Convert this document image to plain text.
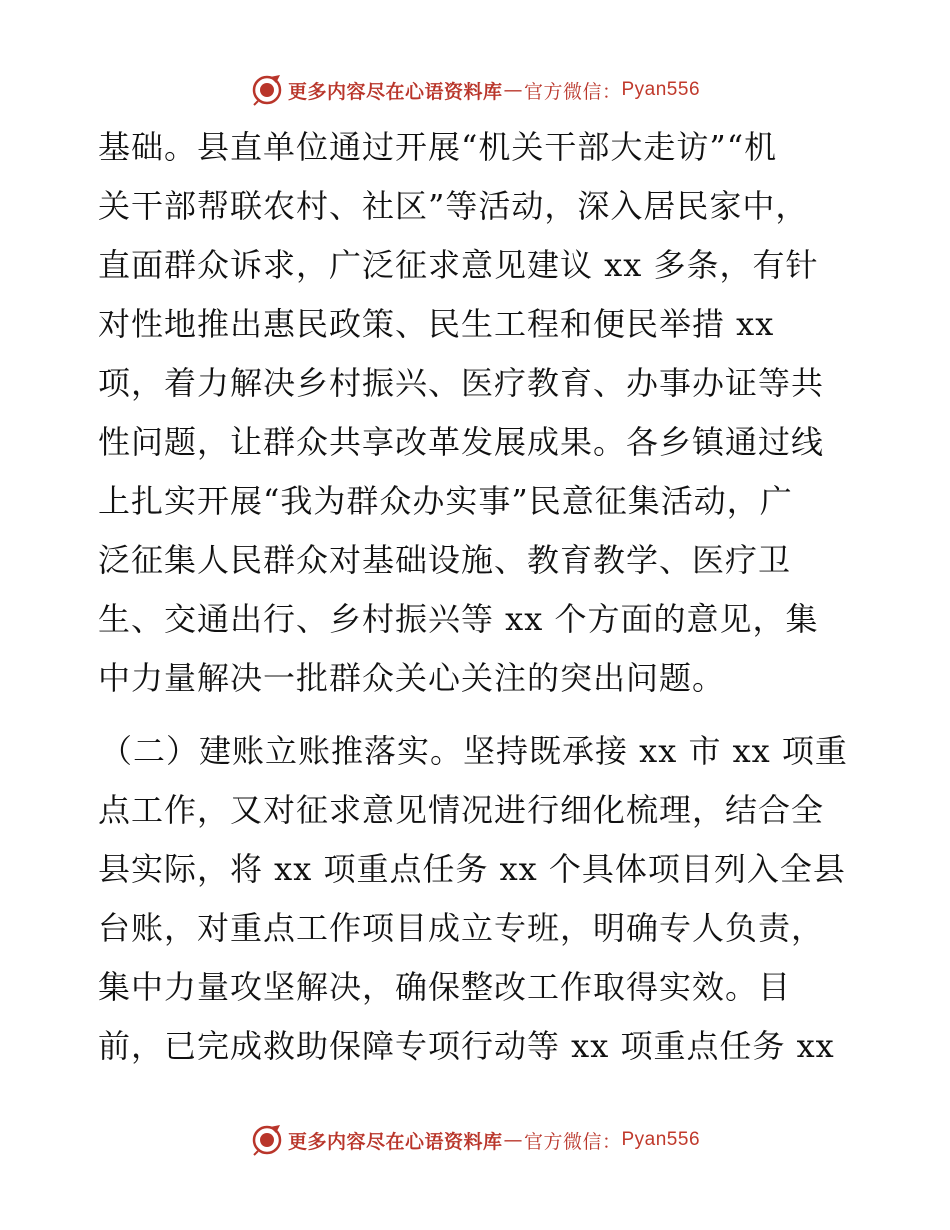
更多内容尽在心语资料库 — 官方微信： Pyan556

基础。县直单位通过开展“机关干部大走访”“机
关干部帮联农村、社区”等活动，深入居民家中，
直面群众诉求，广泛征求意见建议 xx 多条，有针
对性地推出惠民政策、民生工程和便民举措 xx
项，着力解决乡村振兴、医疗教育、办事办证等共
性问题，让群众共享改革发展成果。各乡镇通过线
上扎实开展“我为群众办实事”民意征集活动，广
泛征集人民群众对基础设施、教育教学、医疗卫
生、交通出行、乡村振兴等 xx 个方面的意见，集
中力量解决一批群众关心关注的突出问题。

（二）建账立账推落实。坚持既承接 xx 市 xx 项重
点工作，又对征求意见情况进行细化梳理，结合全
县实际，将 xx 项重点任务 xx 个具体项目列入全县
台账，对重点工作项目成立专班，明确专人负责，
集中力量攻坚解决，确保整改工作取得实效。目
前，已完成救助保障专项行动等 xx 项重点任务 xx

更多内容尽在心语资料库 — 官方微信： Pyan556
